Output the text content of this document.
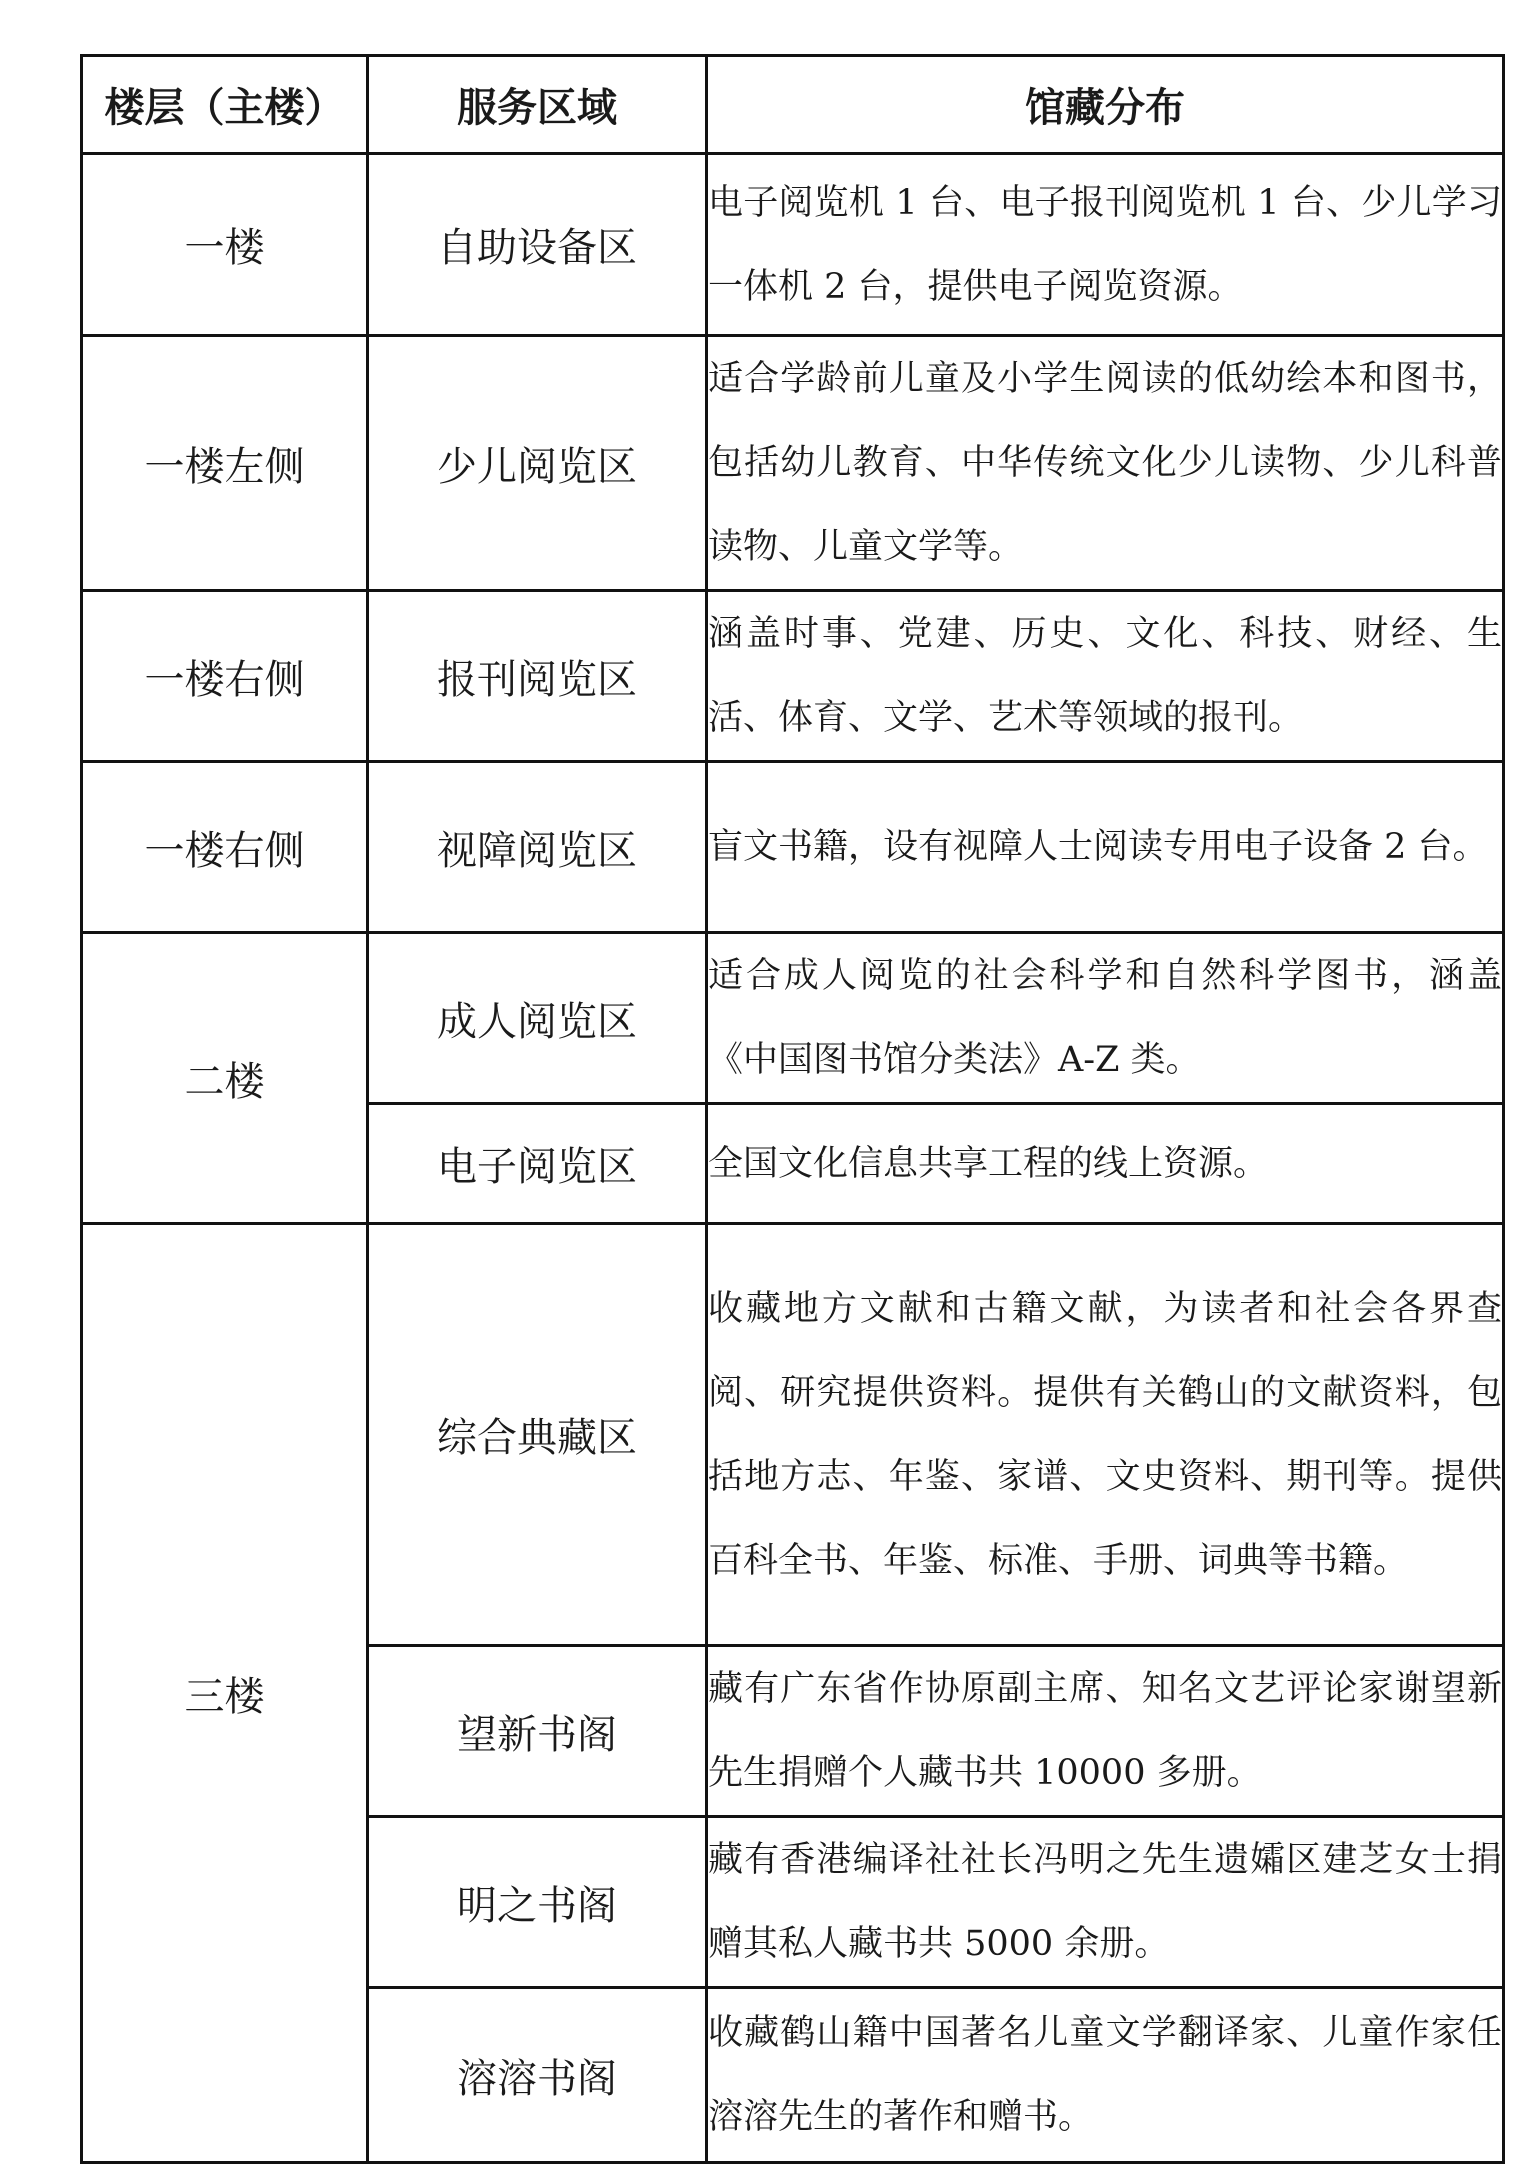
楼层（主楼）	服务区域	馆藏分布
一楼	自助设备区	电子阅览机 1 台、电子报刊阅览机 1 台、少儿学习一体机 2 台，提供电子阅览资源。
一楼左侧	少儿阅览区	适合学龄前儿童及小学生阅读的低幼绘本和图书，包括幼儿教育、中华传统文化少儿读物、少儿科普读物、儿童文学等。
一楼右侧	报刊阅览区	涵盖时事、党建、历史、文化、科技、财经、生活、体育、文学、艺术等领域的报刊。
一楼右侧	视障阅览区	盲文书籍，设有视障人士阅读专用电子设备 2 台。
二楼	成人阅览区	适合成人阅览的社会科学和自然科学图书，涵盖《中国图书馆分类法》A-Z 类。
	电子阅览区	全国文化信息共享工程的线上资源。
三楼	综合典藏区	收藏地方文献和古籍文献，为读者和社会各界查阅、研究提供资料。提供有关鹤山的文献资料，包括地方志、年鉴、家谱、文史资料、期刊等。提供百科全书、年鉴、标准、手册、词典等书籍。
	望新书阁	藏有广东省作协原副主席、知名文艺评论家谢望新先生捐赠个人藏书共 10000 多册。
	明之书阁	藏有香港编译社社长冯明之先生遗孀区建芝女士捐赠其私人藏书共 5000 余册。
	溶溶书阁	收藏鹤山籍中国著名儿童文学翻译家、儿童作家任溶溶先生的著作和赠书。
